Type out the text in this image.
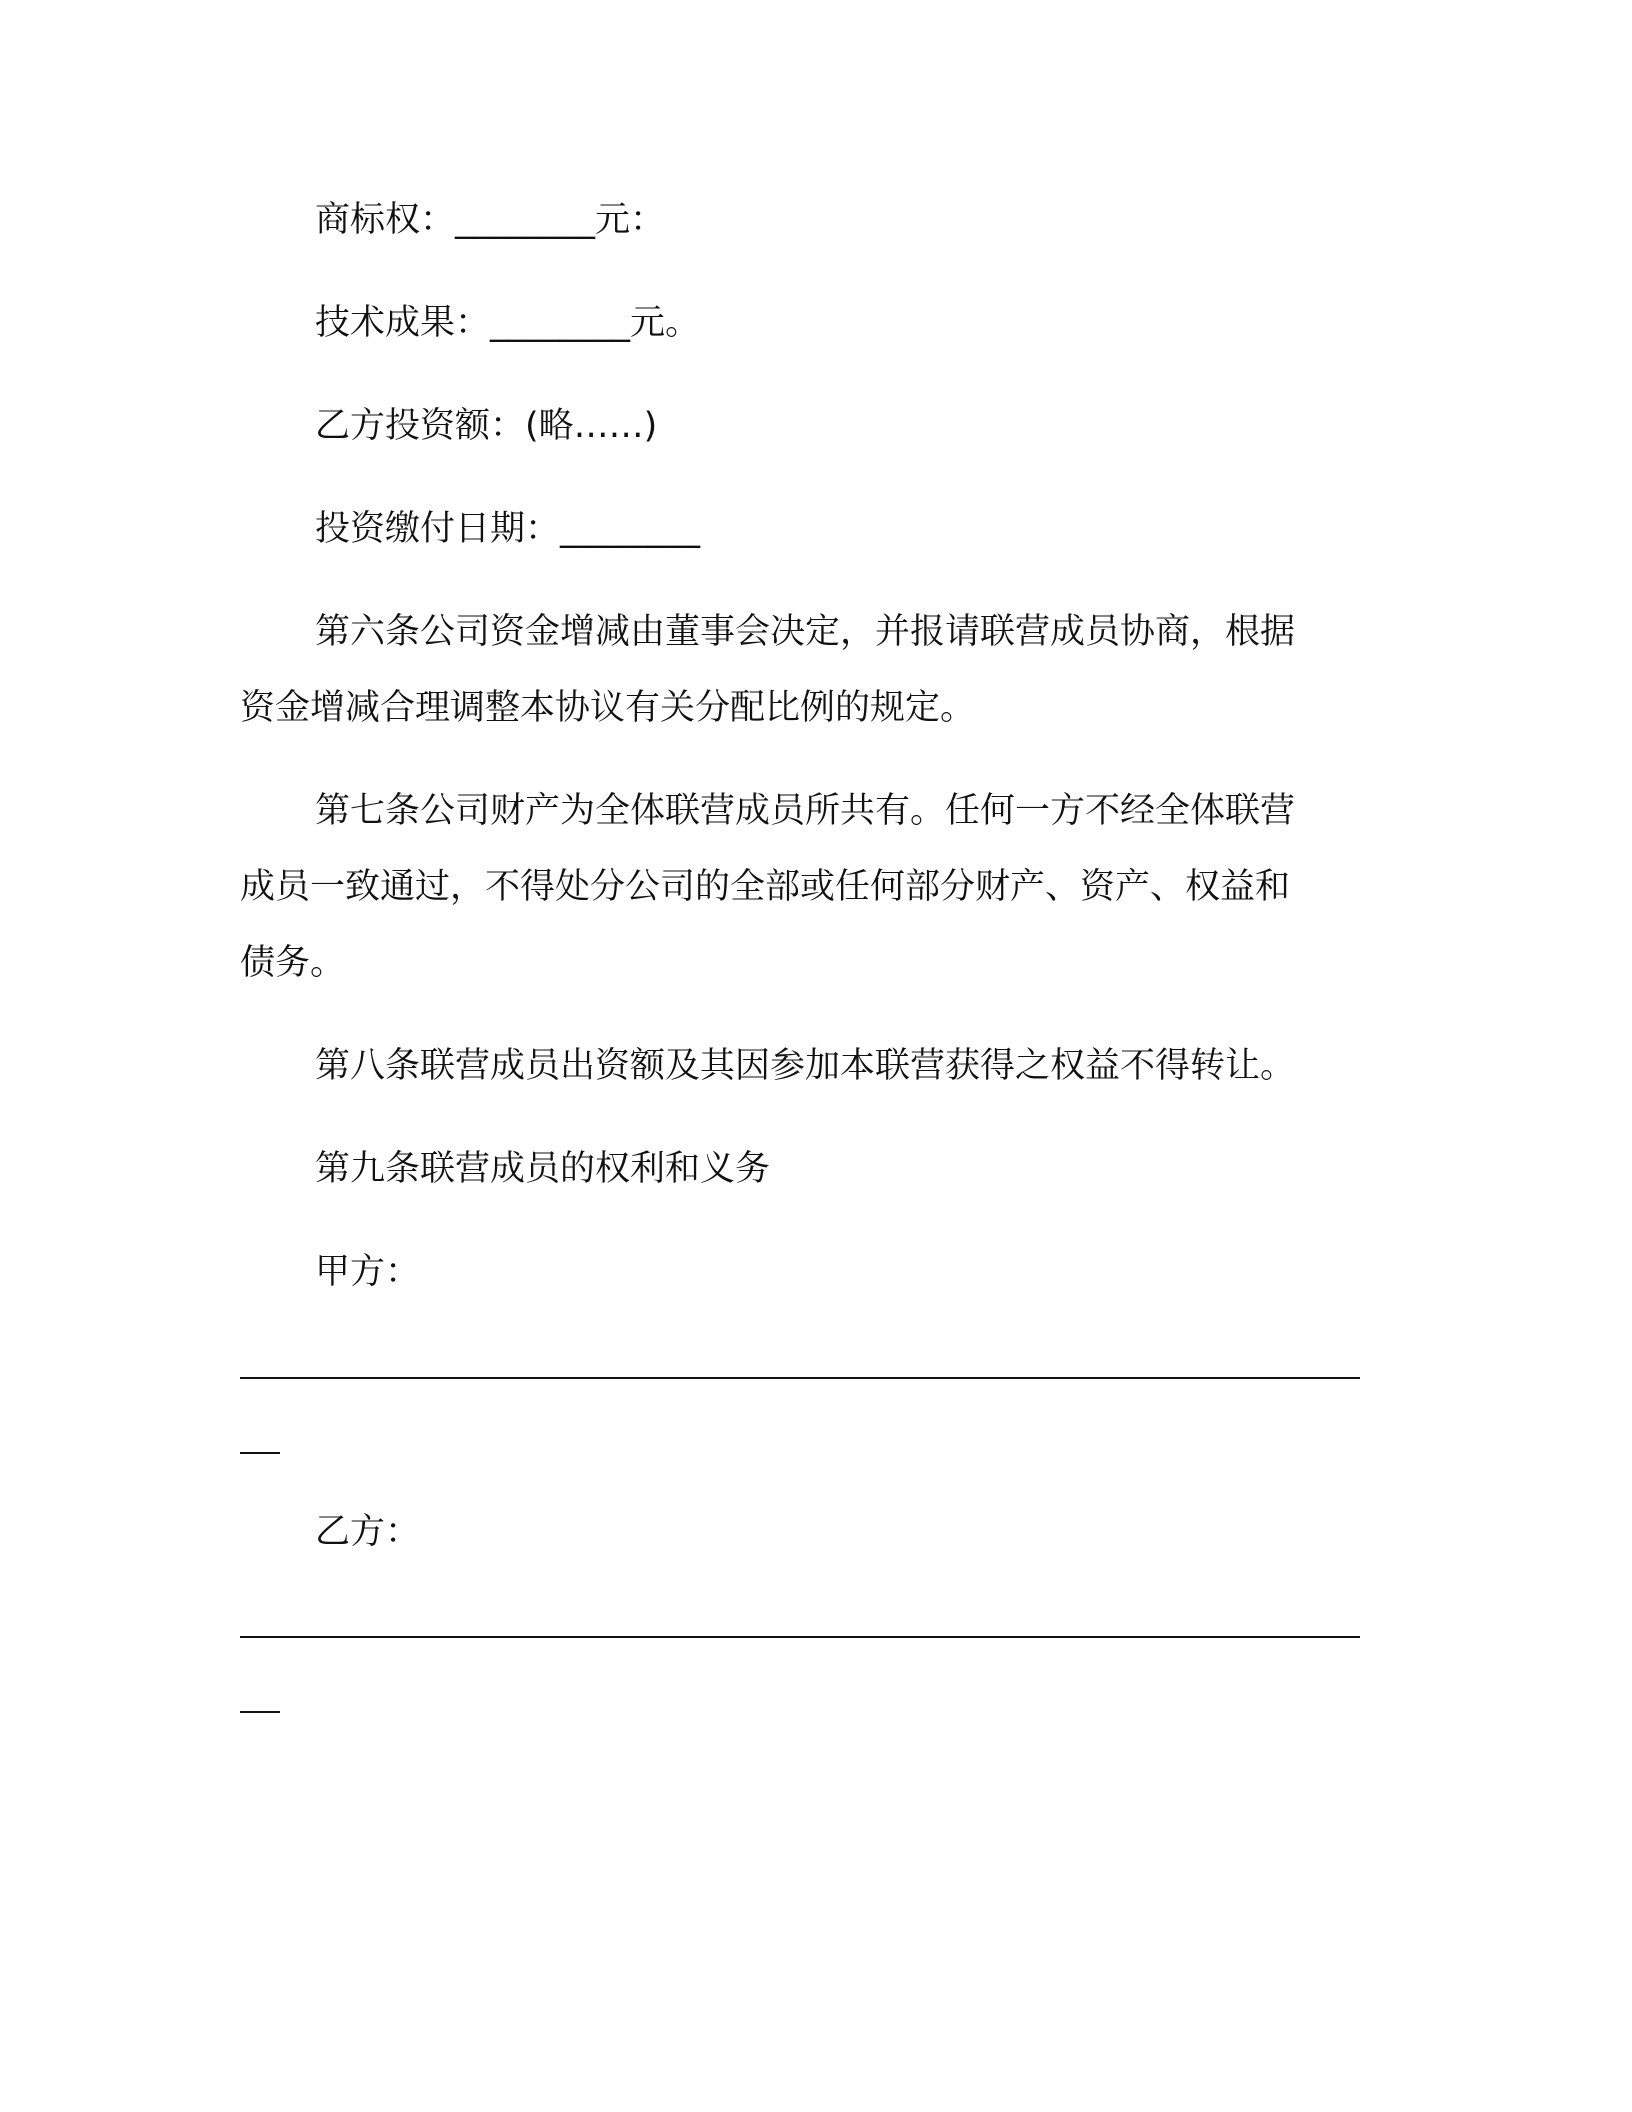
商标权：________元：
技术成果：________元。
乙方投资额：(略……)
投资缴付日期：________
第六条公司资金增减由董事会决定，并报请联营成员协商，根据
资金增减合理调整本协议有关分配比例的规定。
第七条公司财产为全体联营成员所共有。任何一方不经全体联营
成员一致通过，不得处分公司的全部或任何部分财产、资产、权益和
债务。
第八条联营成员出资额及其因参加本联营获得之权益不得转让。
第九条联营成员的权利和义务
甲方：
乙方：
